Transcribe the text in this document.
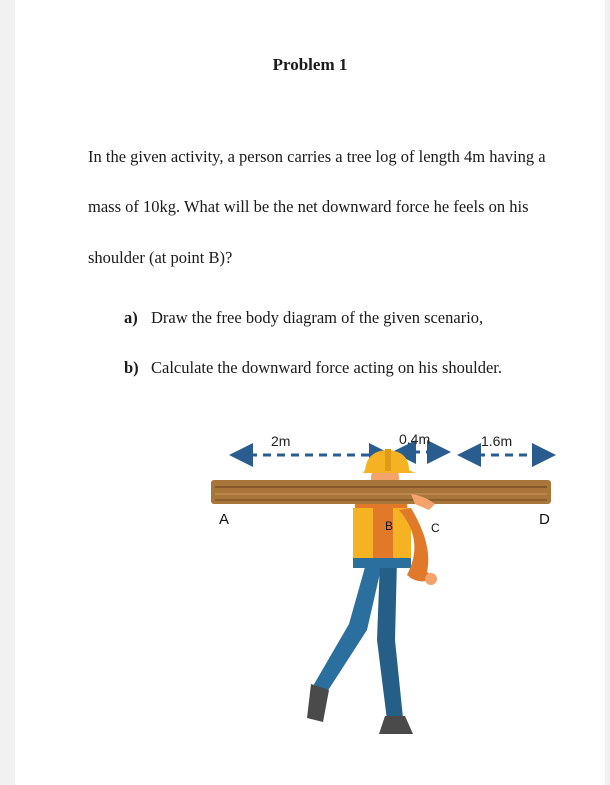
Problem 1
In the given activity, a person carries a tree log of length 4m having a
mass of 10kg. What will be the net downward force he feels on his
shoulder (at point B)?
a) Draw the free body diagram of the given scenario,
b) Calculate the downward force acting on his shoulder.
2m	0.4m	1.6m
A	B	C	D
